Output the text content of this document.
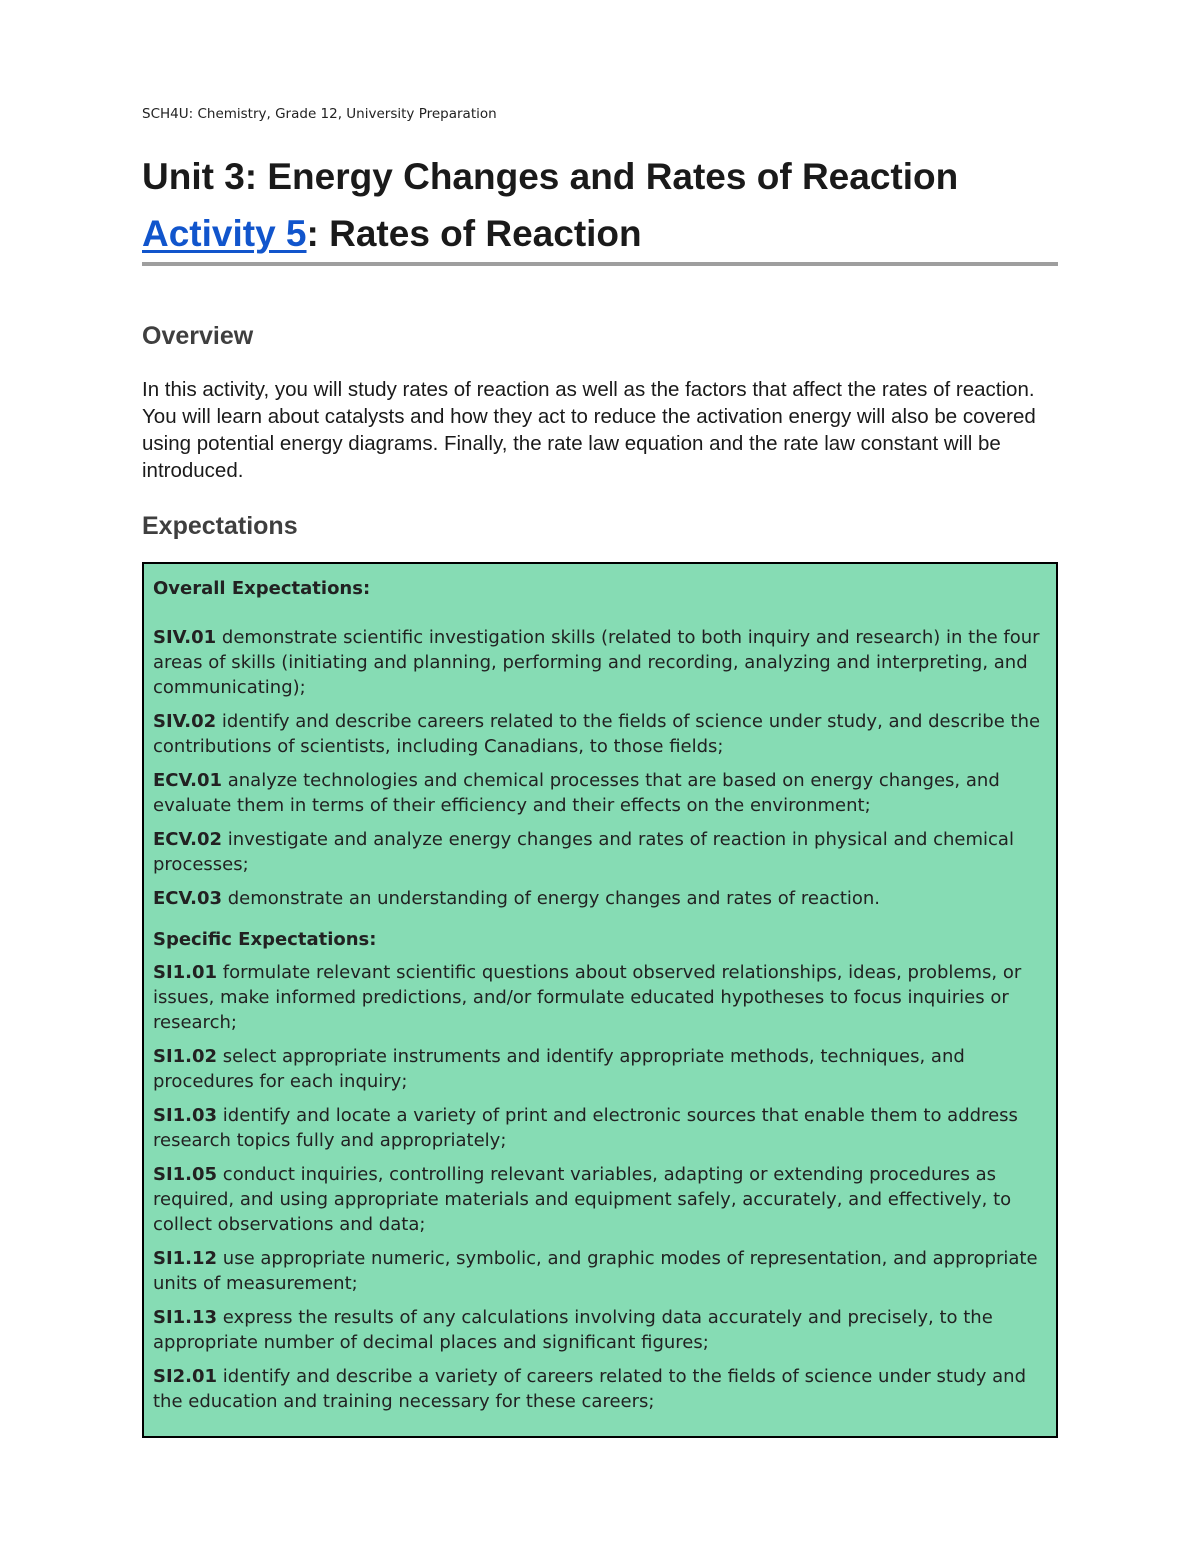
SCH4U: Chemistry, Grade 12, University Preparation
Unit 3: Energy Changes and Rates of Reaction
Activity 5: Rates of Reaction
Overview

In this activity, you will study rates of reaction as well as the factors that affect the rates of reaction. You will learn about catalysts and how they act to reduce the activation energy will also be covered using potential energy diagrams. Finally, the rate law equation and the rate law constant will be introduced.

Expectations

Overall Expectations:

SIV.01 demonstrate scientific investigation skills (related to both inquiry and research) in the four areas of skills (initiating and planning, performing and recording, analyzing and interpreting, and communicating);

SIV.02 identify and describe careers related to the fields of science under study, and describe the contributions of scientists, including Canadians, to those fields;

ECV.01 analyze technologies and chemical processes that are based on energy changes, and evaluate them in terms of their efficiency and their effects on the environment;

ECV.02 investigate and analyze energy changes and rates of reaction in physical and chemical processes;

ECV.03 demonstrate an understanding of energy changes and rates of reaction.

Specific Expectations:

SI1.01 formulate relevant scientific questions about observed relationships, ideas, problems, or issues, make informed predictions, and/or formulate educated hypotheses to focus inquiries or research;

SI1.02 select appropriate instruments and identify appropriate methods, techniques, and procedures for each inquiry;

SI1.03 identify and locate a variety of print and electronic sources that enable them to address research topics fully and appropriately;

SI1.05 conduct inquiries, controlling relevant variables, adapting or extending procedures as required, and using appropriate materials and equipment safely, accurately, and effectively, to collect observations and data;

SI1.12 use appropriate numeric, symbolic, and graphic modes of representation, and appropriate units of measurement;

SI1.13 express the results of any calculations involving data accurately and precisely, to the appropriate number of decimal places and significant figures;

SI2.01 identify and describe a variety of careers related to the fields of science under study and the education and training necessary for these careers;
